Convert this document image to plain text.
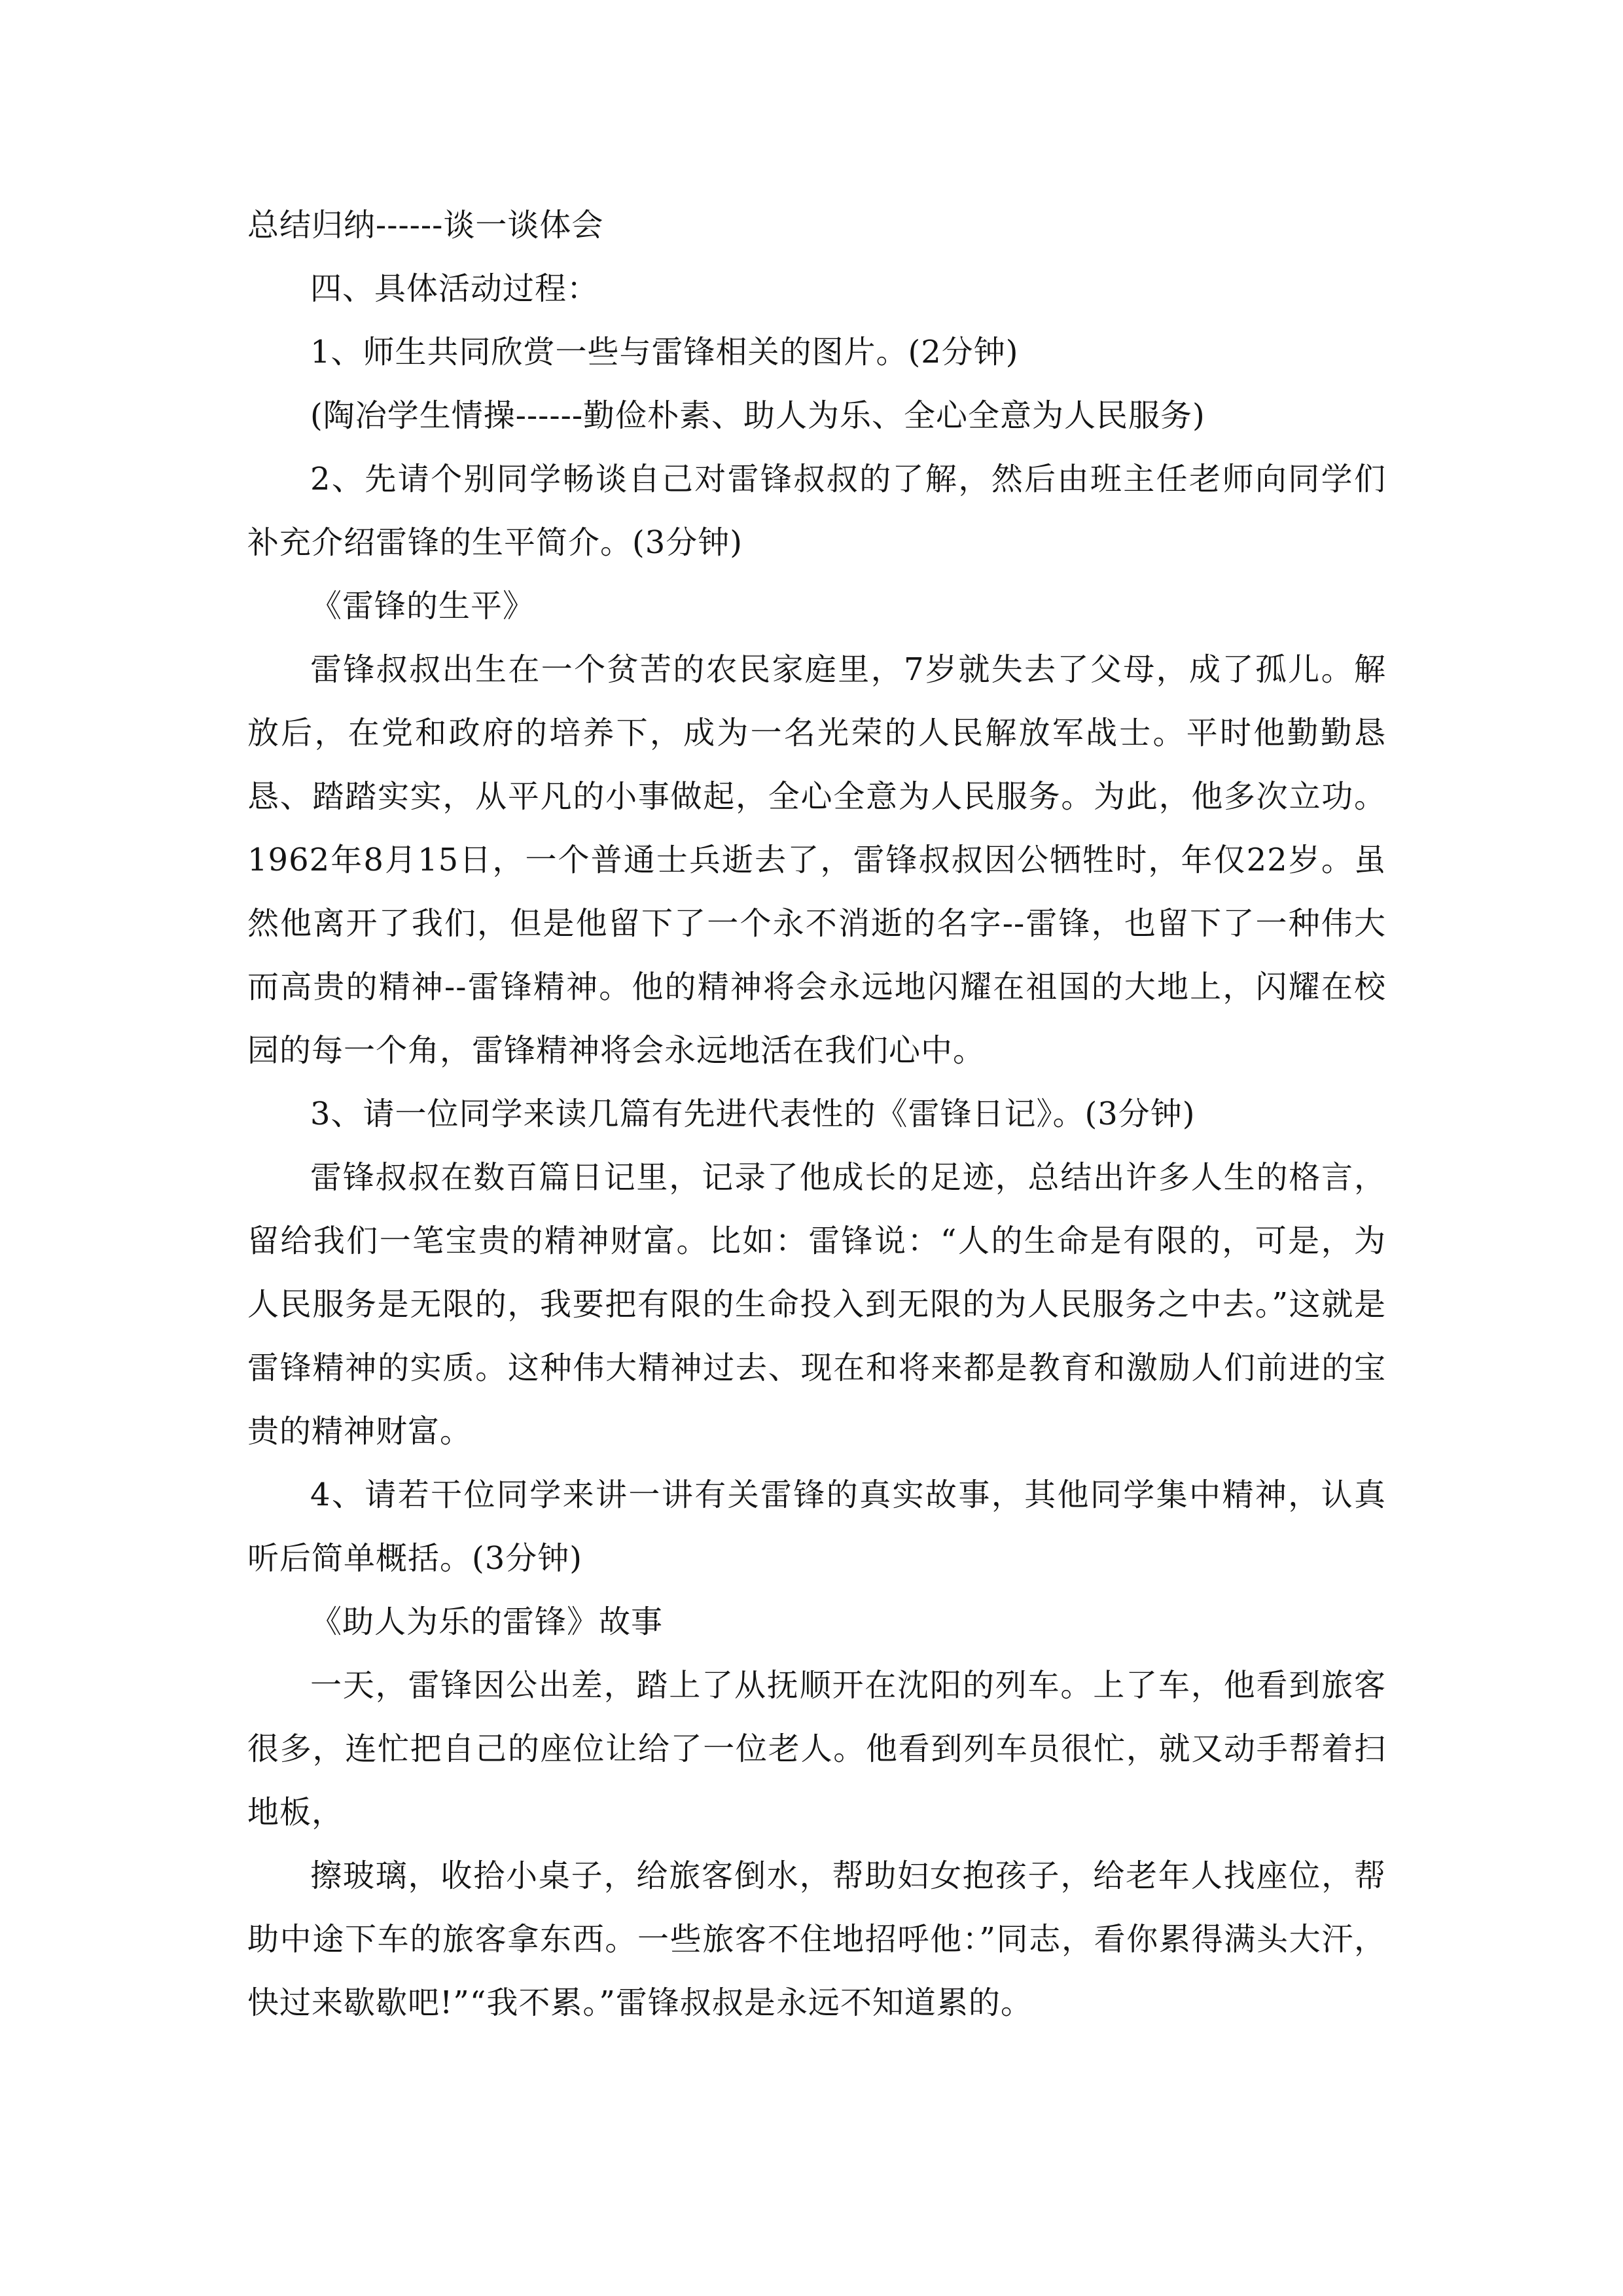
总结归纳------谈一谈体会

四、具体活动过程：

1、师生共同欣赏一些与雷锋相关的图片。(2分钟)

(陶冶学生情操------勤俭朴素、助人为乐、全心全意为人民服务)

2、先请个别同学畅谈自己对雷锋叔叔的了解，然后由班主任老师向同学们补充介绍雷锋的生平简介。(3分钟)

《雷锋的生平》

雷锋叔叔出生在一个贫苦的农民家庭里，7岁就失去了父母，成了孤儿。解放后，在党和政府的培养下，成为一名光荣的人民解放军战士。平时他勤勤恳恳、踏踏实实，从平凡的小事做起，全心全意为人民服务。为此，他多次立功。1962年8月15日，一个普通士兵逝去了，雷锋叔叔因公牺牲时，年仅22岁。虽然他离开了我们，但是他留下了一个永不消逝的名字--雷锋，也留下了一种伟大而高贵的精神--雷锋精神。他的精神将会永远地闪耀在祖国的大地上，闪耀在校园的每一个角，雷锋精神将会永远地活在我们心中。

3、请一位同学来读几篇有先进代表性的《雷锋日记》。(3分钟)

雷锋叔叔在数百篇日记里，记录了他成长的足迹，总结出许多人生的格言，留给我们一笔宝贵的精神财富。比如：雷锋说：“人的生命是有限的，可是，为人民服务是无限的，我要把有限的生命投入到无限的为人民服务之中去。”这就是雷锋精神的实质。这种伟大精神过去、现在和将来都是教育和激励人们前进的宝贵的精神财富。

4、请若干位同学来讲一讲有关雷锋的真实故事，其他同学集中精神，认真听后简单概括。(3分钟)

《助人为乐的雷锋》故事

一天，雷锋因公出差，踏上了从抚顺开在沈阳的列车。上了车，他看到旅客很多，连忙把自己的座位让给了一位老人。他看到列车员很忙，就又动手帮着扫地板，

擦玻璃，收拾小桌子，给旅客倒水，帮助妇女抱孩子，给老年人找座位，帮助中途下车的旅客拿东西。一些旅客不住地招呼他：”同志，看你累得满头大汗，快过来歇歇吧!”“我不累。”雷锋叔叔是永远不知道累的。
